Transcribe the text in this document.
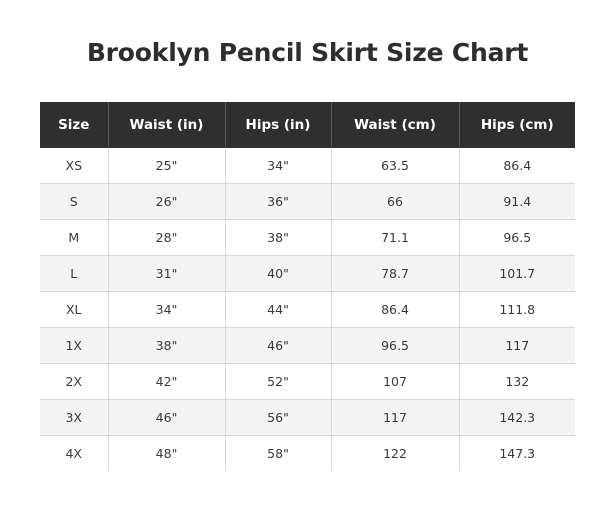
Brooklyn Pencil Skirt Size Chart
Size	Waist (in)	Hips (in)	Waist (cm)	Hips (cm)
XS	25"	34"	63.5	86.4
S	26"	36"	66	91.4
M	28"	38"	71.1	96.5
L	31"	40"	78.7	101.7
XL	34"	44"	86.4	111.8
1X	38"	46"	96.5	117
2X	42"	52"	107	132
3X	46"	56"	117	142.3
4X	48"	58"	122	147.3
